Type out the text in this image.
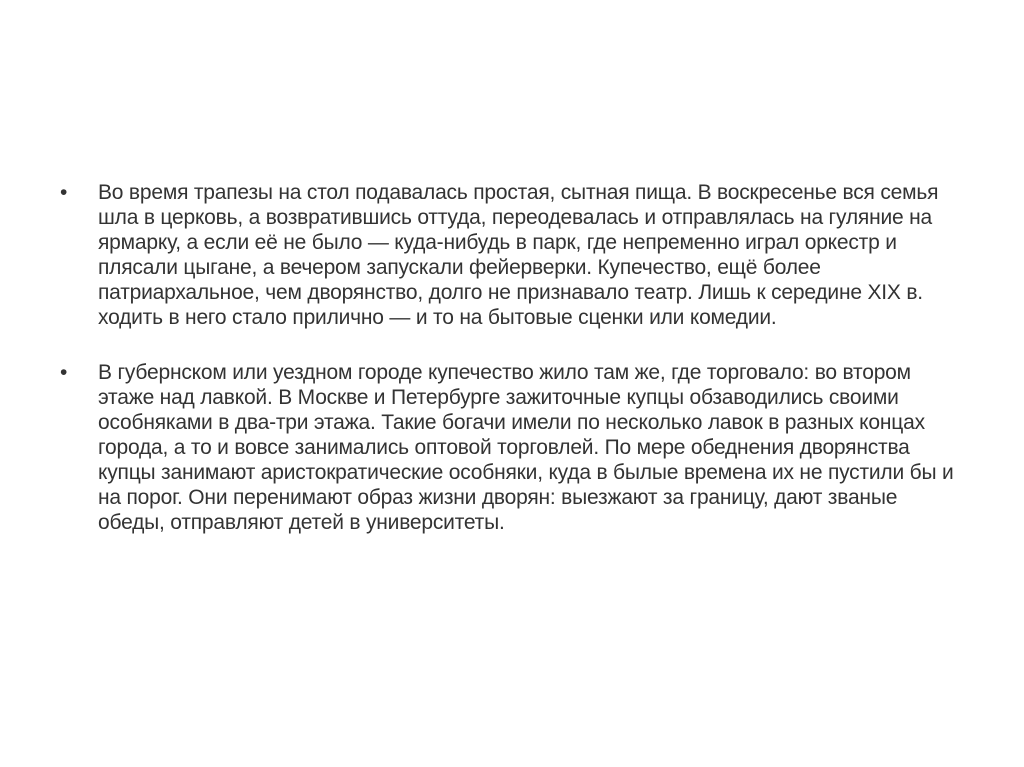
•	Во время трапезы на стол подавалась простая, сытная пища. В воскресенье вся семья шла в церковь, а возвратившись оттуда, переодевалась и отправлялась на гуляние на ярмарку, а если её не было — куда-нибудь в парк, где непременно играл оркестр и плясали цыгане, а вечером запускали фейерверки. Купечество, ещё более патриархальное, чем дворянство, долго не признавало театр. Лишь к середине XIX в. ходить в него стало прилично — и то на бытовые сценки или комедии.
•	В губернском или уездном городе купечество жило там же, где торговало: во втором этаже над лавкой. В Москве и Петербурге зажиточные купцы обзаводились своими особняками в два-три этажа. Такие богачи имели по несколько лавок в разных концах города, а то и вовсе занимались оптовой торговлей. По мере обеднения дворянства купцы занимают аристократические особняки, куда в былые времена их не пустили бы и на порог. Они перенимают образ жизни дворян: выезжают за границу, дают званые обеды, отправляют детей в университеты.
